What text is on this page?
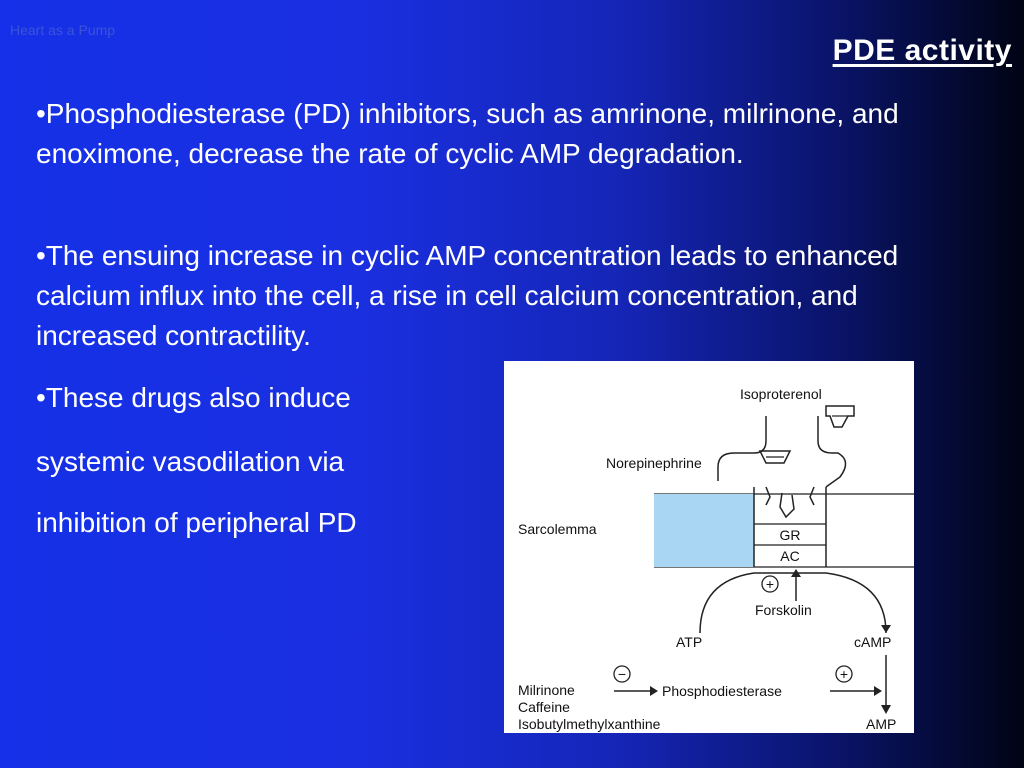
Heart as a Pump
PDE activity

•Phosphodiesterase (PD) inhibitors, such as amrinone, milrinone, and enoximone, decrease the rate of cyclic AMP degradation.

•The ensuing increase in cyclic AMP concentration leads to enhanced calcium influx into the cell, a rise in cell calcium concentration, and increased contractility.

•These drugs also induce

systemic vasodilation via

inhibition of peripheral PD	GR
AC
Isoproterenol
Norepinephrine
Sarcolemma
+
Forskolin
ATP	cAMP
AMP
−
Phosphodiesterase
+
Milrinone
Caffeine
Isobutylmethylxanthine
